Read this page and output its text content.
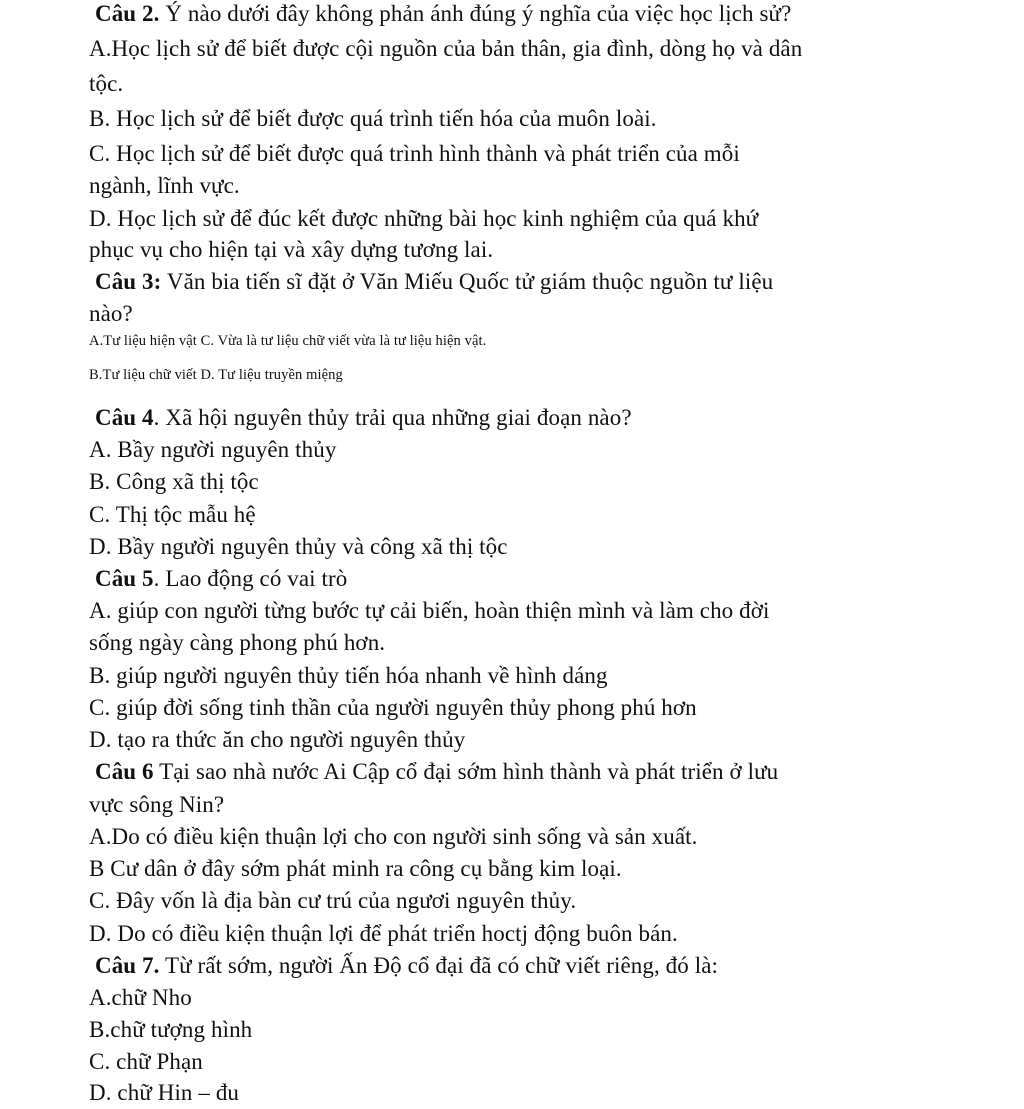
Câu 2. Ý nào dưới đây không phản ánh đúng ý nghĩa của việc học lịch sử?
A.Học lịch sử để biết được cội nguồn của bản thân, gia đình, dòng họ và dân
tộc.
B. Học lịch sử để biết được quá trình tiến hóa của muôn loài.
C. Học lịch sử để biết được quá trình hình thành và phát triển của mỗi
ngành, lĩnh vực.
D. Học lịch sử để đúc kết được những bài học kinh nghiệm của quá khứ
phục vụ cho hiện tại và xây dựng tương lai.
Câu 3: Văn bia tiến sĩ đặt ở Văn Miếu Quốc tử giám thuộc nguồn tư liệu
nào?
A.Tư liệu hiện vật C. Vừa là tư liệu chữ viết vừa là tư liệu hiện vật.
B.Tư liệu chữ viết D. Tư liệu truyền miệng
Câu 4. Xã hội nguyên thủy trải qua những giai đoạn nào?
A. Bầy người nguyên thủy
B. Công xã thị tộc
C. Thị tộc mẫu hệ
D. Bầy người nguyên thủy và công xã thị tộc
Câu 5. Lao động có vai trò
A. giúp con người từng bước tự cải biến, hoàn thiện mình và làm cho đời
sống ngày càng phong phú hơn.
B. giúp người nguyên thủy tiến hóa nhanh về hình dáng
C. giúp đời sống tinh thần của người nguyên thủy phong phú hơn
D. tạo ra thức ăn cho người nguyên thủy
Câu 6 Tại sao nhà nước Ai Cập cổ đại sớm hình thành và phát triển ở lưu
vực sông Nin?
A.Do có điều kiện thuận lợi cho con người sinh sống và sản xuất.
B Cư dân ở đây sớm phát minh ra công cụ bằng kim loại.
C. Đây vốn là địa bàn cư trú của ngươi nguyên thủy.
D. Do có điều kiện thuận lợi để phát triển hoctj động buôn bán.
Câu 7. Từ rất sớm, người Ấn Độ cổ đại đã có chữ viết riêng, đó là:
A.chữ Nho
B.chữ tượng hình
C. chữ Phạn
D. chữ Hin – đu
